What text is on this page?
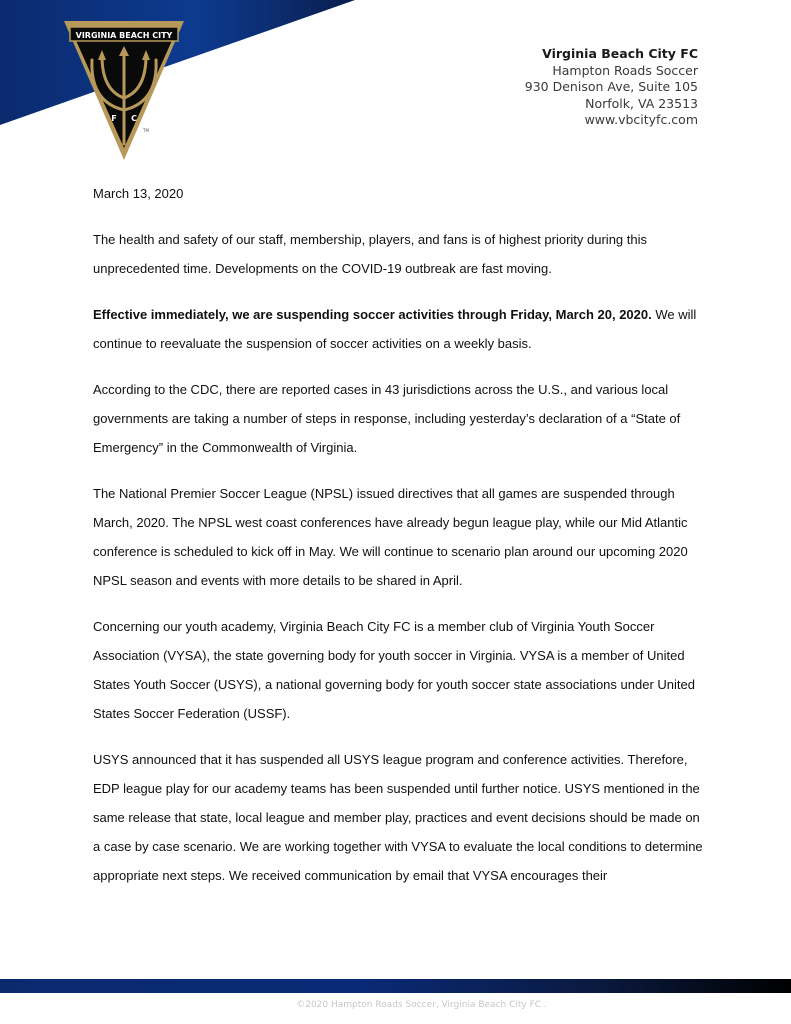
VIRGINIA BEACH CITY
F C
TM
Virginia Beach City FC
Hampton Roads Soccer
930 Denison Ave, Suite 105
Norfolk, VA 23513
www.vbcityfc.com

March 13, 2020

The health and safety of our staff, membership, players, and fans is of highest priority during this unprecedented time. Developments on the COVID-19 outbreak are fast moving.

Effective immediately, we are suspending soccer activities through Friday, March 20, 2020. We will continue to reevaluate the suspension of soccer activities on a weekly basis.

According to the CDC, there are reported cases in 43 jurisdictions across the U.S., and various local governments are taking a number of steps in response, including yesterday’s declaration of a “State of Emergency” in the Commonwealth of Virginia.

The National Premier Soccer League (NPSL) issued directives that all games are suspended through March, 2020. The NPSL west coast conferences have already begun league play, while our Mid Atlantic conference is scheduled to kick off in May. We will continue to scenario plan around our upcoming 2020 NPSL season and events with more details to be shared in April.

Concerning our youth academy, Virginia Beach City FC is a member club of Virginia Youth Soccer Association (VYSA), the state governing body for youth soccer in Virginia. VYSA is a member of United States Youth Soccer (USYS), a national governing body for youth soccer state associations under United States Soccer Federation (USSF).

USYS announced that it has suspended all USYS league program and conference activities. Therefore, EDP league play for our academy teams has been suspended until further notice. USYS mentioned in the same release that state, local league and member play, practices and event decisions should be made on a case by case scenario. We are working together with VYSA to evaluate the local conditions to determine appropriate next steps. We received communication by email that VYSA encourages their

©2020 Hampton Roads Soccer, Virginia Beach City FC .
